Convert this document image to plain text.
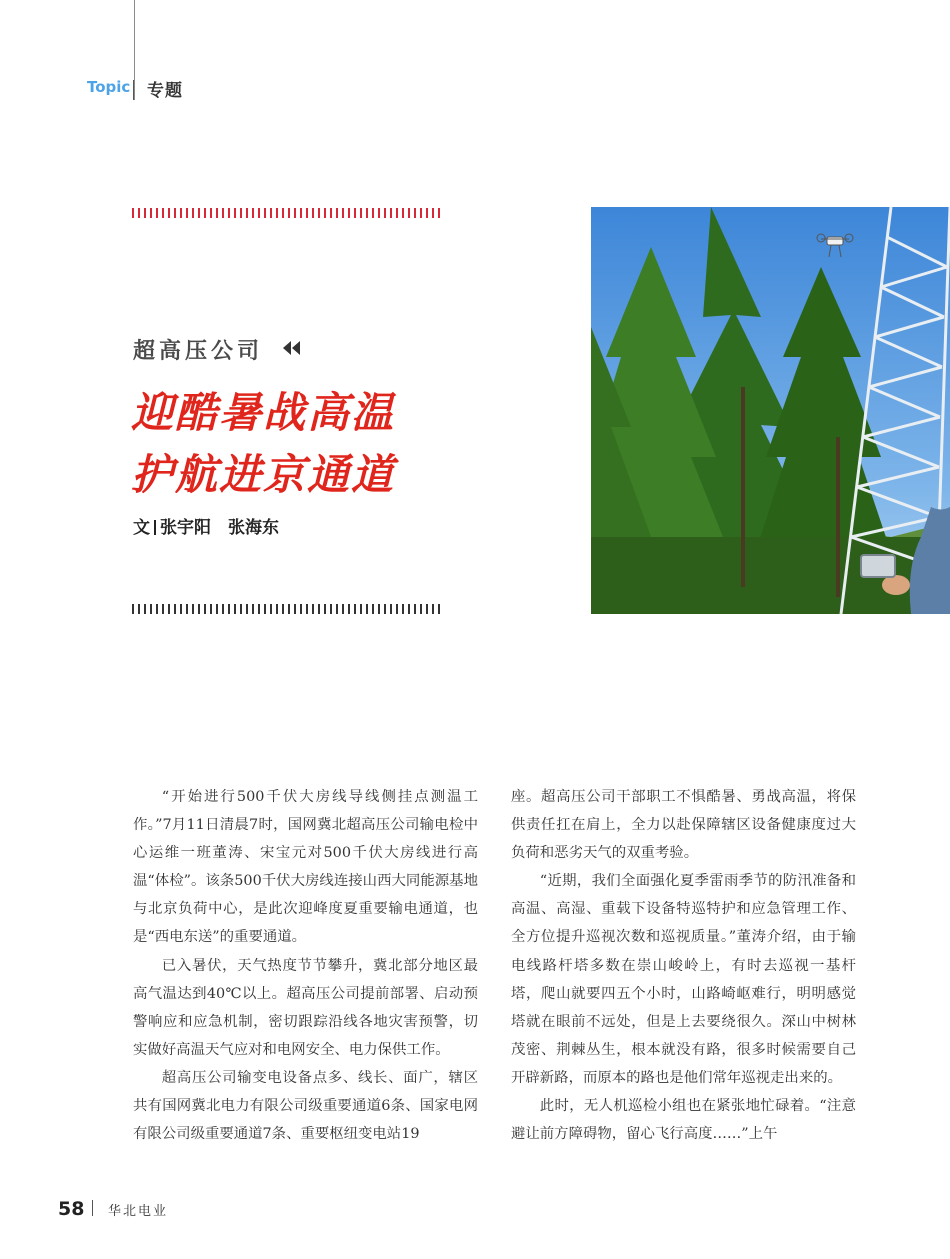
Topic 专题
超高压公司
迎酷暑战高温
护航进京通道
文 张宇阳　张海东

“开始进行500千伏大房线导线侧挂点测温工作。”7月11日清晨7时，国网冀北超高压公司输电检中心运维一班董涛、宋宝元对500千伏大房线进行高温“体检”。该条500千伏大房线连接山西大同能源基地与北京负荷中心，是此次迎峰度夏重要输电通道，也是“西电东送”的重要通道。

已入暑伏，天气热度节节攀升，冀北部分地区最高气温达到40℃以上。超高压公司提前部署、启动预警响应和应急机制，密切跟踪沿线各地灾害预警，切实做好高温天气应对和电网安全、电力保供工作。

超高压公司输变电设备点多、线长、面广，辖区共有国网冀北电力有限公司级重要通道6条、国家电网有限公司级重要通道7条、重要枢纽变电站19

座。超高压公司干部职工不惧酷暑、勇战高温，将保供责任扛在肩上，全力以赴保障辖区设备健康度过大负荷和恶劣天气的双重考验。

“近期，我们全面强化夏季雷雨季节的防汛准备和高温、高湿、重载下设备特巡特护和应急管理工作、全方位提升巡视次数和巡视质量。”董涛介绍，由于输电线路杆塔多数在崇山峻岭上，有时去巡视一基杆塔，爬山就要四五个小时，山路崎岖难行，明明感觉塔就在眼前不远处，但是上去要绕很久。深山中树林茂密、荆棘丛生，根本就没有路，很多时候需要自己开辟新路，而原本的路也是他们常年巡视走出来的。

此时，无人机巡检小组也在紧张地忙碌着。“注意避让前方障碍物，留心飞行高度……”上午

58 华北电业
